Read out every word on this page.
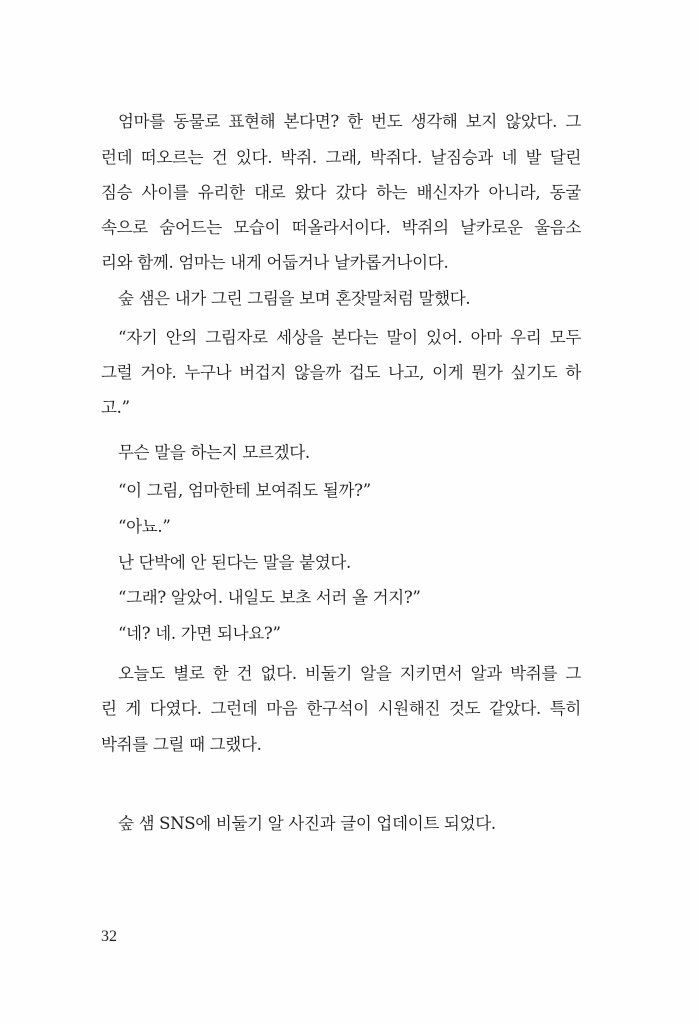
엄마를 동물로 표현해 본다면? 한 번도 생각해 보지 않았다. 그
런데 떠오르는 건 있다. 박쥐. 그래, 박쥐다. 날짐승과 네 발 달린
짐승 사이를 유리한 대로 왔다 갔다 하는 배신자가 아니라, 동굴
속으로 숨어드는 모습이 떠올라서이다. 박쥐의 날카로운 울음소
리와 함께. 엄마는 내게 어둡거나 날카롭거나이다.
숲 샘은 내가 그린 그림을 보며 혼잣말처럼 말했다.
“자기 안의 그림자로 세상을 본다는 말이 있어. 아마 우리 모두
그럴 거야. 누구나 버겁지 않을까 겁도 나고, 이게 뭔가 싶기도 하
고.”
무슨 말을 하는지 모르겠다.
“이 그림, 엄마한테 보여줘도 될까?”
“아뇨.”
난 단박에 안 된다는 말을 붙였다.
“그래? 알았어. 내일도 보초 서러 올 거지?”
“네? 네. 가면 되나요?”
오늘도 별로 한 건 없다. 비둘기 알을 지키면서 알과 박쥐를 그
린 게 다였다. 그런데 마음 한구석이 시원해진 것도 같았다. 특히
박쥐를 그릴 때 그랬다.
숲 샘 SNS에 비둘기 알 사진과 글이 업데이트 되었다.
32
